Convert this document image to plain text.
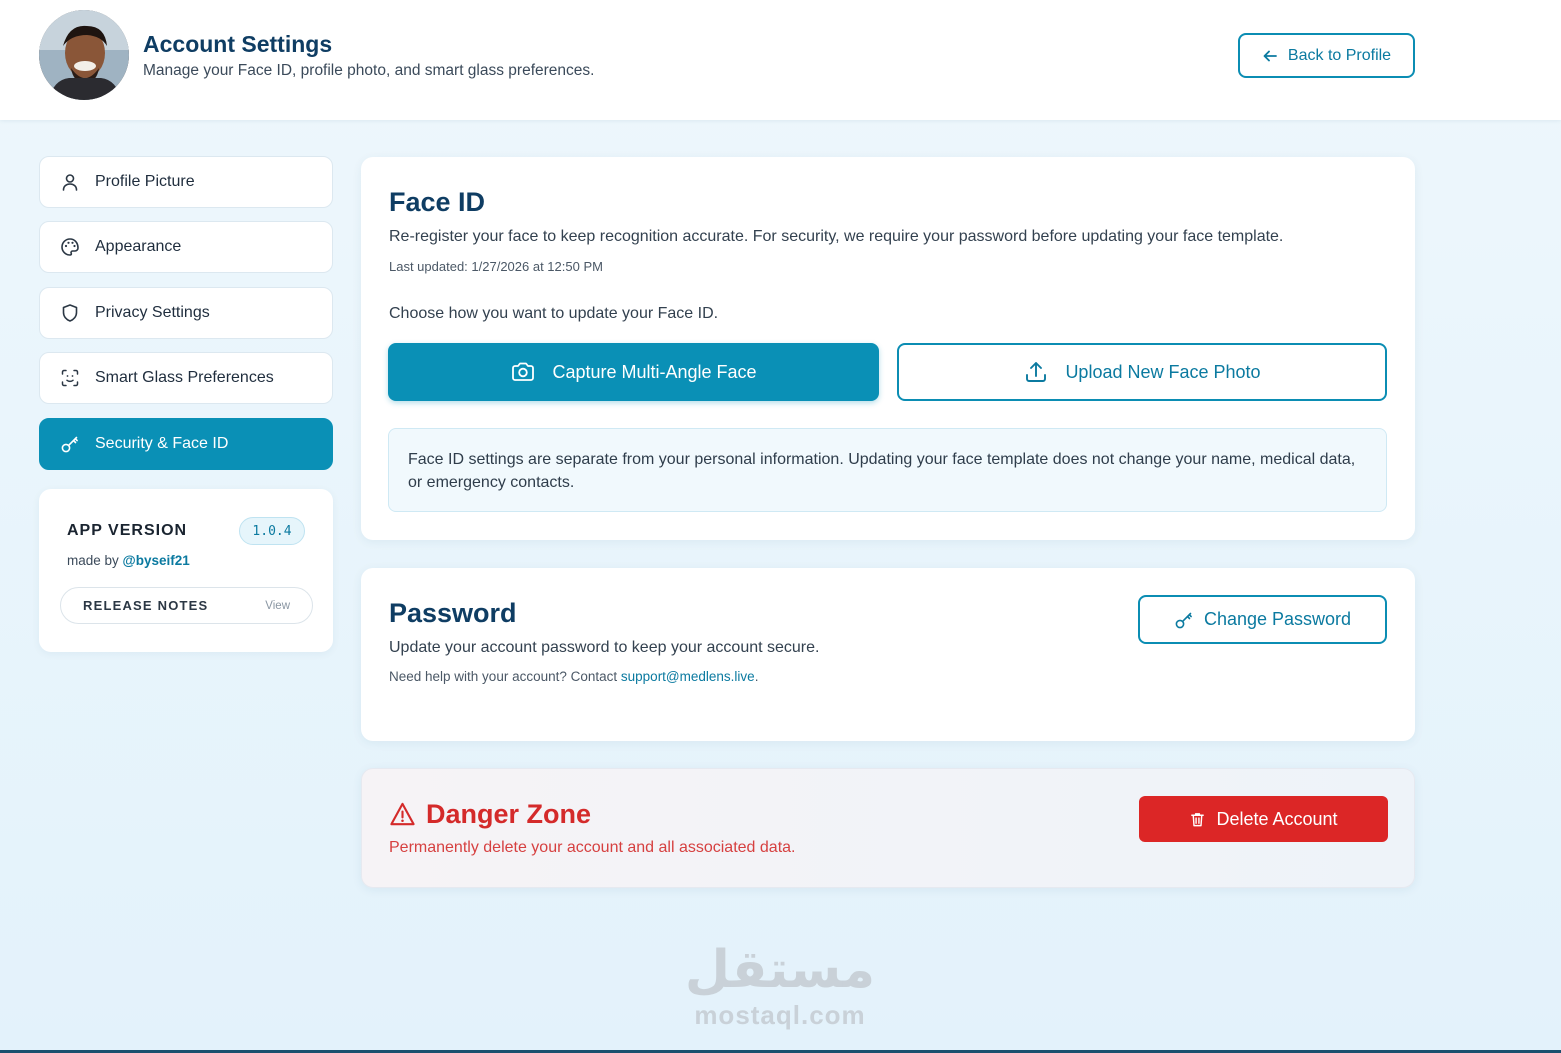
Account Settings
Manage your Face ID, profile photo, and smart glass preferences.
Back to Profile
Profile Picture
Appearance
Privacy Settings
Smart Glass Preferences
Security & Face ID
APP VERSION	1.0.4
made by @byseif21
RELEASE NOTES	View
Face ID
Re-register your face to keep recognition accurate. For security, we require your password before updating your face template.
Last updated: 1/27/2026 at 12:50 PM
Choose how you want to update your Face ID.
Capture Multi-Angle Face	Upload New Face Photo
Face ID settings are separate from your personal information. Updating your face template does not change your name, medical data, or emergency contacts.
Password
Update your account password to keep your account secure.
Need help with your account? Contact support@medlens.live.
Change Password
Danger Zone
Permanently delete your account and all associated data.
Delete Account
مستقل
mostaql.com
